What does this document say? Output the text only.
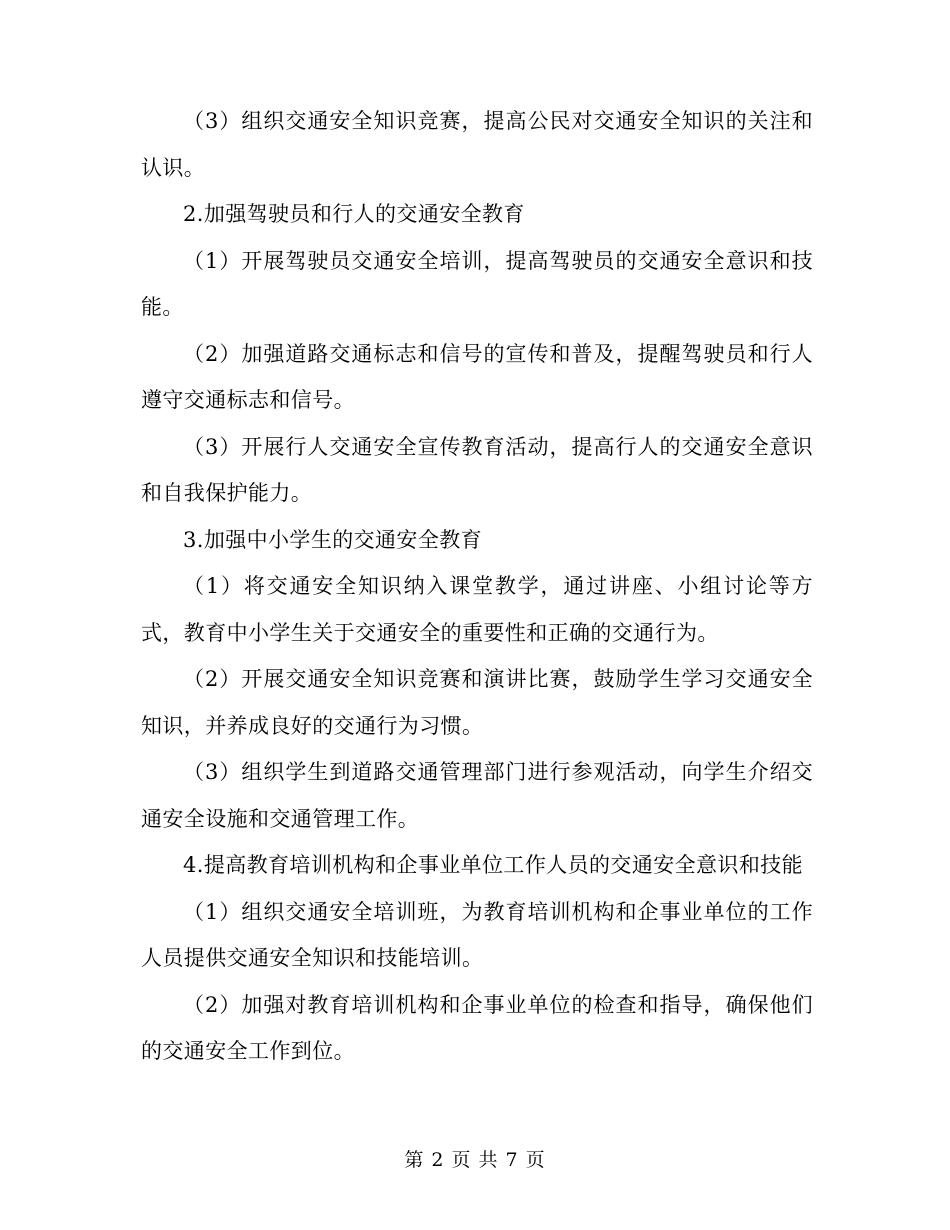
（3）组织交通安全知识竞赛，提高公民对交通安全知识的关注和认识。

2.加强驾驶员和行人的交通安全教育

（1）开展驾驶员交通安全培训，提高驾驶员的交通安全意识和技能。

（2）加强道路交通标志和信号的宣传和普及，提醒驾驶员和行人遵守交通标志和信号。

（3）开展行人交通安全宣传教育活动，提高行人的交通安全意识和自我保护能力。

3.加强中小学生的交通安全教育

（1）将交通安全知识纳入课堂教学，通过讲座、小组讨论等方式，教育中小学生关于交通安全的重要性和正确的交通行为。

（2）开展交通安全知识竞赛和演讲比赛，鼓励学生学习交通安全知识，并养成良好的交通行为习惯。

（3）组织学生到道路交通管理部门进行参观活动，向学生介绍交通安全设施和交通管理工作。

4.提高教育培训机构和企事业单位工作人员的交通安全意识和技能

（1）组织交通安全培训班，为教育培训机构和企事业单位的工作人员提供交通安全知识和技能培训。

（2）加强对教育培训机构和企事业单位的检查和指导，确保他们的交通安全工作到位。

第 2 页 共 7 页
